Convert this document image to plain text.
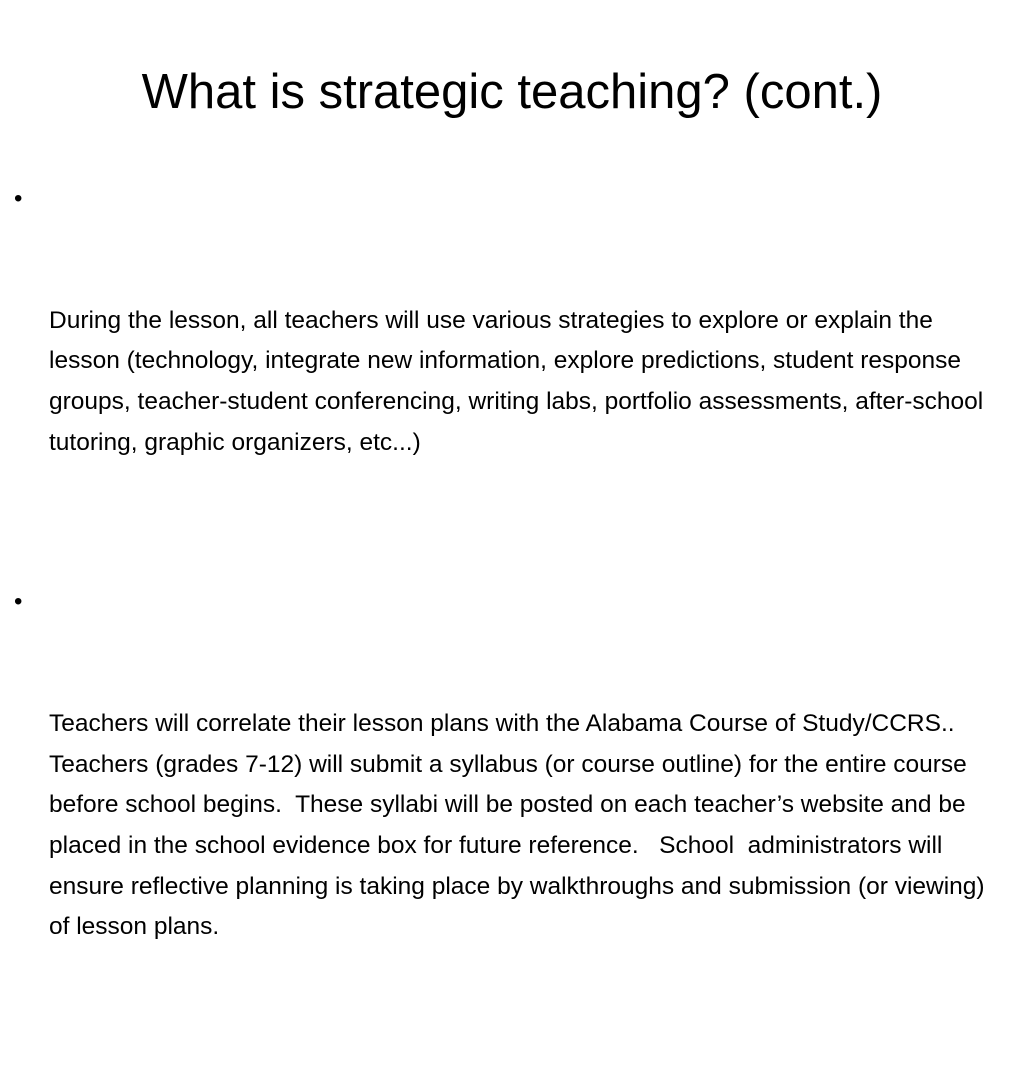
What is strategic teaching? (cont.)

•

During the lesson, all teachers will use various strategies to explore or explain the lesson (technology, integrate new information, explore predictions, student response groups, teacher-student conferencing, writing labs, portfolio assessments, after-school tutoring, graphic organizers, etc...)

•

Teachers will correlate their lesson plans with the Alabama Course of Study/CCRS.. Teachers (grades 7-12) will submit a syllabus (or course outline) for the entire course before school begins.  These syllabi will be posted on each teacher’s website and be placed in the school evidence box for future reference.   School  administrators will ensure reflective planning is taking place by walkthroughs and submission (or viewing) of lesson plans.
